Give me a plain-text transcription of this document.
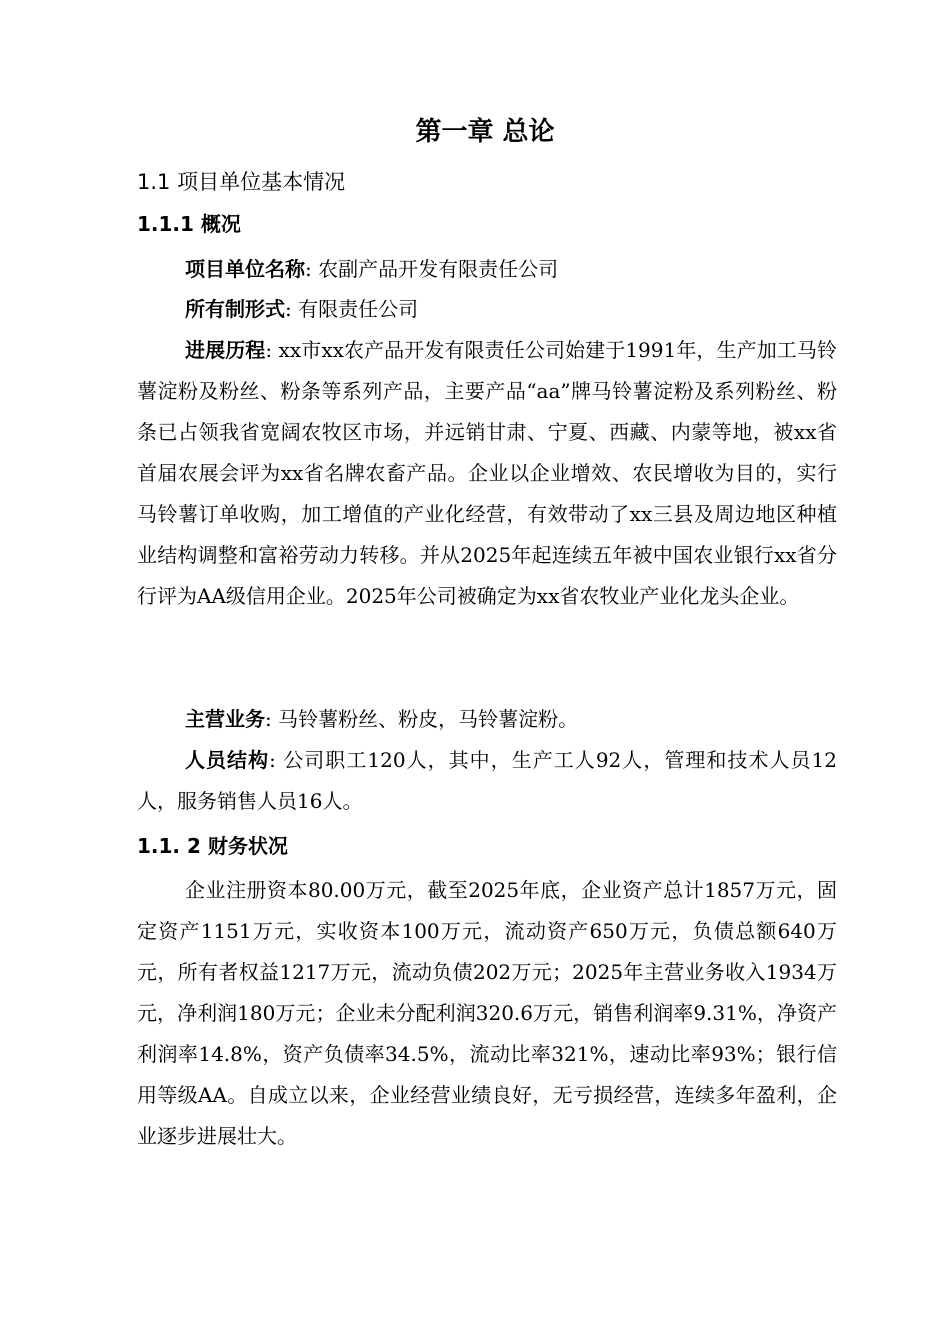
第一章 总论
1.1 项目单位基本情况
1.1.1 概况

项目单位名称: 农副产品开发有限责任公司

所有制形式: 有限责任公司

进展历程: xx市xx农产品开发有限责任公司始建于1991年，生产加工马铃薯淀粉及粉丝、粉条等系列产品，主要产品“aa”牌马铃薯淀粉及系列粉丝、粉条已占领我省宽阔农牧区市场，并远销甘肃、宁夏、西藏、内蒙等地，被xx省首届农展会评为xx省名牌农畜产品。企业以企业增效、农民增收为目的，实行马铃薯订单收购，加工增值的产业化经营，有效带动了xx三县及周边地区种植业结构调整和富裕劳动力转移。并从2025年起连续五年被中国农业银行xx省分行评为AA级信用企业。2025年公司被确定为xx省农牧业产业化龙头企业。

主营业务: 马铃薯粉丝、粉皮，马铃薯淀粉。

人员结构: 公司职工120人，其中，生产工人92人，管理和技术人员12人，服务销售人员16人。

1.1. 2 财务状况

企业注册资本80.00万元，截至2025年底，企业资产总计1857万元，固定资产1151万元，实收资本100万元，流动资产650万元，负债总额640万元，所有者权益1217万元，流动负债202万元；2025年主营业务收入1934万元，净利润180万元；企业未分配利润320.6万元，销售利润率9.31%，净资产利润率14.8%，资产负债率34.5%，流动比率321%，速动比率93%；银行信用等级AA。自成立以来，企业经营业绩良好，无亏损经营，连续多年盈利，企业逐步进展壮大。
